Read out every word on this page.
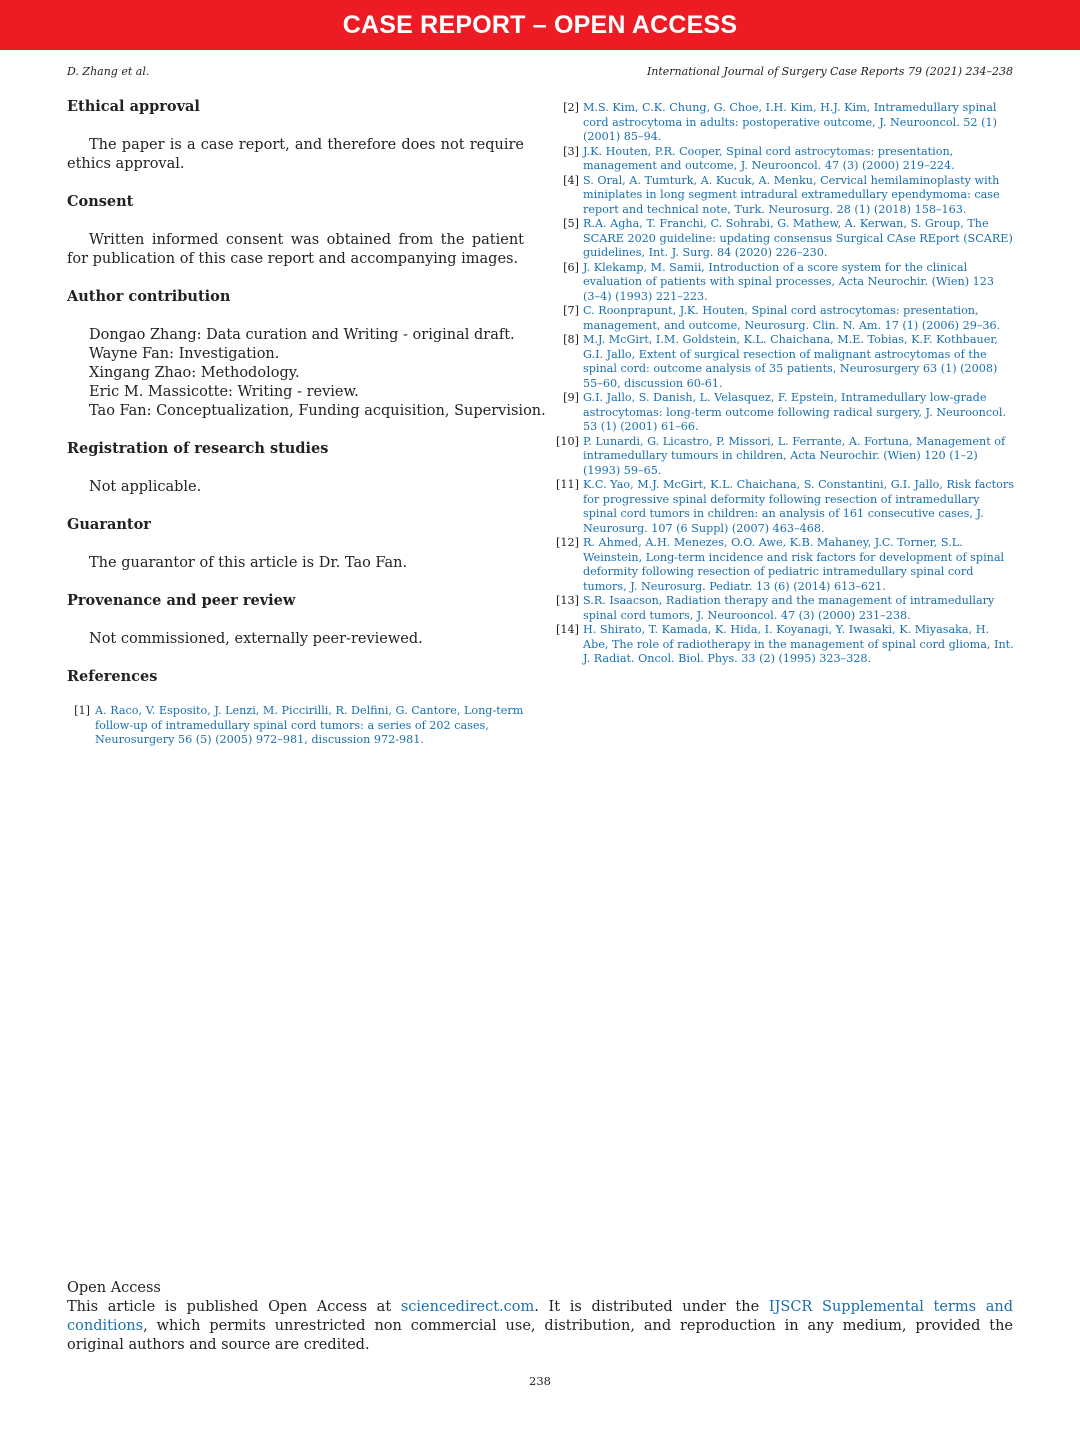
CASE REPORT – OPEN ACCESS
D. Zhang et al.	International Journal of Surgery Case Reports 79 (2021) 234–238
Ethical approval

The paper is a case report, and therefore does not require ethics approval.

Consent

Written informed consent was obtained from the patient for publication of this case report and accompanying images.

Author contribution
Dongao Zhang: Data curation and Writing - original draft.
Wayne Fan: Investigation.
Xingang Zhao: Methodology.
Eric M. Massicotte: Writing - review.
Tao Fan: Conceptualization, Funding acquisition, Supervision.
Registration of research studies

Not applicable.

Guarantor

The guarantor of this article is Dr. Tao Fan.

Provenance and peer review

Not commissioned, externally peer-reviewed.

References
[1] A. Raco, V. Esposito, J. Lenzi, M. Piccirilli, R. Delfini, G. Cantore, Long-term follow-up of intramedullary spinal cord tumors: a series of 202 cases, Neurosurgery 56 (5) (2005) 972–981, discussion 972-981.
[2] M.S. Kim, C.K. Chung, G. Choe, I.H. Kim, H.J. Kim, Intramedullary spinal cord astrocytoma in adults: postoperative outcome, J. Neurooncol. 52 (1) (2001) 85–94.
[3] J.K. Houten, P.R. Cooper, Spinal cord astrocytomas: presentation, management and outcome, J. Neurooncol. 47 (3) (2000) 219–224.
[4] S. Oral, A. Tumturk, A. Kucuk, A. Menku, Cervical hemilaminoplasty with miniplates in long segment intradural extramedullary ependymoma: case report and technical note, Turk. Neurosurg. 28 (1) (2018) 158–163.
[5] R.A. Agha, T. Franchi, C. Sohrabi, G. Mathew, A. Kerwan, S. Group, The SCARE 2020 guideline: updating consensus Surgical CAse REport (SCARE) guidelines, Int. J. Surg. 84 (2020) 226–230.
[6] J. Klekamp, M. Samii, Introduction of a score system for the clinical evaluation of patients with spinal processes, Acta Neurochir. (Wien) 123 (3–4) (1993) 221–223.
[7] C. Roonprapunt, J.K. Houten, Spinal cord astrocytomas: presentation, management, and outcome, Neurosurg. Clin. N. Am. 17 (1) (2006) 29–36.
[8] M.J. McGirt, I.M. Goldstein, K.L. Chaichana, M.E. Tobias, K.F. Kothbauer, G.I. Jallo, Extent of surgical resection of malignant astrocytomas of the spinal cord: outcome analysis of 35 patients, Neurosurgery 63 (1) (2008) 55–60, discussion 60-61.
[9] G.I. Jallo, S. Danish, L. Velasquez, F. Epstein, Intramedullary low-grade astrocytomas: long-term outcome following radical surgery, J. Neurooncol. 53 (1) (2001) 61–66.
[10] P. Lunardi, G. Licastro, P. Missori, L. Ferrante, A. Fortuna, Management of intramedullary tumours in children, Acta Neurochir. (Wien) 120 (1–2) (1993) 59–65.
[11] K.C. Yao, M.J. McGirt, K.L. Chaichana, S. Constantini, G.I. Jallo, Risk factors for progressive spinal deformity following resection of intramedullary spinal cord tumors in children: an analysis of 161 consecutive cases, J. Neurosurg. 107 (6 Suppl) (2007) 463–468.
[12] R. Ahmed, A.H. Menezes, O.O. Awe, K.B. Mahaney, J.C. Torner, S.L. Weinstein, Long-term incidence and risk factors for development of spinal deformity following resection of pediatric intramedullary spinal cord tumors, J. Neurosurg. Pediatr. 13 (6) (2014) 613–621.
[13] S.R. Isaacson, Radiation therapy and the management of intramedullary spinal cord tumors, J. Neurooncol. 47 (3) (2000) 231–238.
[14] H. Shirato, T. Kamada, K. Hida, I. Koyanagi, Y. Iwasaki, K. Miyasaka, H. Abe, The role of radiotherapy in the management of spinal cord glioma, Int. J. Radiat. Oncol. Biol. Phys. 33 (2) (1995) 323–328.
Open Access

This article is published Open Access at sciencedirect.com. It is distributed under the IJSCR Supplemental terms and conditions, which permits unrestricted non commercial use, distribution, and reproduction in any medium, provided the original authors and source are credited.

238
